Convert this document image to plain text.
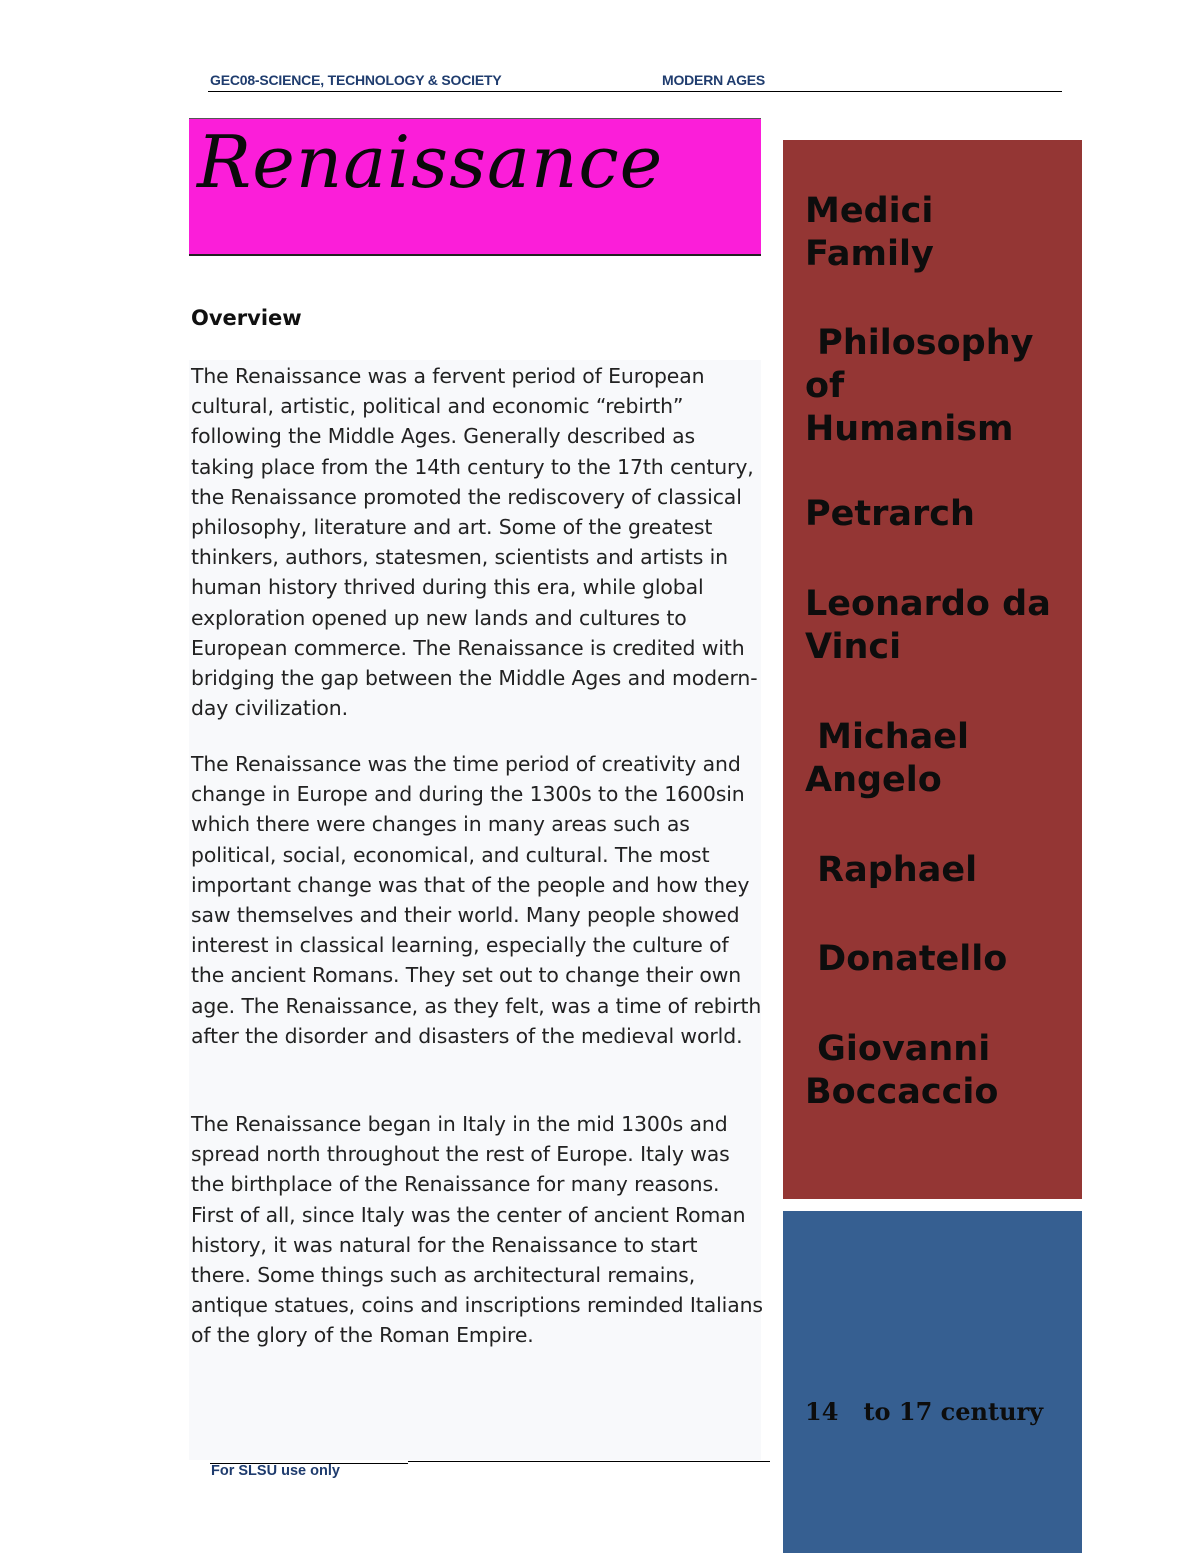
GEC08-SCIENCE, TECHNOLOGY & SOCIETY	MODERN AGES
Renaissance
Overview

The Renaissance was a fervent period of European cultural, artistic, political and economic “rebirth” following the Middle Ages. Generally described as taking place from the 14th century to the 17th century, the Renaissance promoted the rediscovery of classical philosophy, literature and art. Some of the greatest thinkers, authors, statesmen, scientists and artists in human history thrived during this era, while global exploration opened up new lands and cultures to European commerce. The Renaissance is credited with bridging the gap between the Middle Ages and modern-day civilization.

The Renaissance was the time period of creativity and change in Europe and during the 1300s to the 1600sin which there were changes in many areas such as political, social, economical, and cultural. The most important change was that of the people and how they saw themselves and their world. Many people showed interest in classical learning, especially the culture of the ancient Romans. They set out to change their own age. The Renaissance, as they felt, was a time of rebirth after the disorder and disasters of the medieval world.

The Renaissance began in Italy in the mid 1300s and spread north throughout the rest of Europe. Italy was the birthplace of the Renaissance for many reasons. First of all, since Italy was the center of ancient Roman history, it was natural for the Renaissance to start there. Some things such as architectural remains, antique statues, coins and inscriptions reminded Italians of the glory of the Roman Empire.

For SLSU use only

Medici
Family

Philosophy
of
Humanism

Petrarch

Leonardo da
Vinci

Michael
Angelo

Raphael

Donatello

Giovanni
Boccaccio

14   to 17 century
